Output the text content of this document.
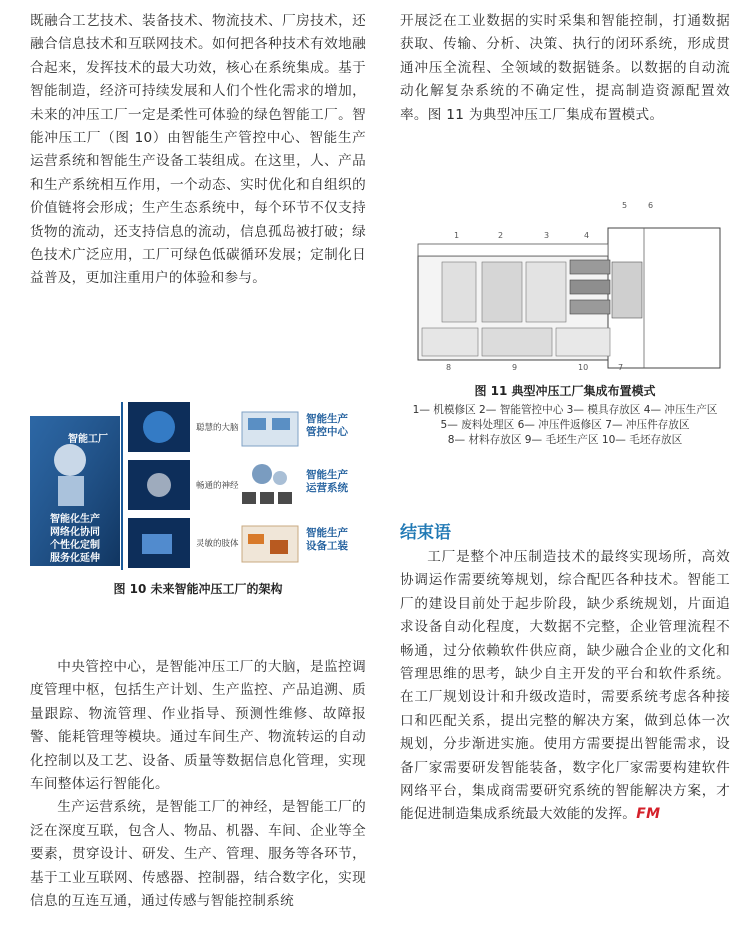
既融合工艺技术、装备技术、物流技术、厂房技术，还融合信息技术和互联网技术。如何把各种技术有效地融合起来，发挥技术的最大功效，核心在系统集成。基于智能制造，经济可持续发展和人们个性化需求的增加，未来的冲压工厂一定是柔性可体验的绿色智能工厂。智能冲压工厂（图 10）由智能生产管控中心、智能生产运营系统和智能生产设备工装组成。在这里，人、产品和生产系统相互作用，一个动态、实时优化和自组织的价值链将会形成；生产生态系统中，每个环节不仅支持货物的流动，还支持信息的流动，信息孤岛被打破；绿色技术广泛应用，工厂可绿色低碳循环发展；定制化日益普及，更加注重用户的体验和参与。

智能工厂
智能化生产
网络化协同
个性化定制
服务化延伸
聪慧的大脑
智能生产
管控中心
畅通的神经
智能生产
运营系统
灵敏的肢体
智能生产
设备工装

图 10 未来智能冲压工厂的架构

中央管控中心，是智能冲压工厂的大脑，是监控调度管理中枢，包括生产计划、生产监控、产品追溯、质量跟踪、物流管理、作业指导、预测性维修、故障报警、能耗管理等模块。通过车间生产、物流转运的自动化控制以及工艺、设备、质量等数据信息化管理，实现车间整体运行智能化。

生产运营系统，是智能工厂的神经，是智能工厂的泛在深度互联，包含人、物品、机器、车间、企业等全要素，贯穿设计、研发、生产、管理、服务等各环节，基于工业互联网、传感器、控制器，结合数字化，实现信息的互连互通，通过传感与智能控制系统

开展泛在工业数据的实时采集和智能控制，打通数据获取、传输、分析、决策、执行的闭环系统，形成贯通冲压全流程、全领域的数据链条。以数据的自动流动化解复杂系统的不确定性，提高制造资源配置效率。图 11 为典型冲压工厂集成布置模式。

1	2	3	4
5	6
8	9	10	7

图 11 典型冲压工厂集成布置模式

1— 机模修区 2— 智能管控中心 3— 模具存放区 4— 冲压生产区

5— 废料处理区 6— 冲压件返修区 7— 冲压件存放区

8— 材料存放区 9— 毛坯生产区 10— 毛坯存放区

结束语

工厂是整个冲压制造技术的最终实现场所，高效协调运作需要统筹规划，综合配匹各种技术。智能工厂的建设目前处于起步阶段，缺少系统规划，片面追求设备自动化程度，大数据不完整，企业管理流程不畅通，过分依赖软件供应商，缺少融合企业的文化和管理思维的思考，缺少自主开发的平台和软件系统。在工厂规划设计和升级改造时，需要系统考虑各种接口和匹配关系，提出完整的解决方案，做到总体一次规划，分步渐进实施。使用方需要提出智能需求，设备厂家需要研发智能装备，数字化厂家需要构建软件网络平台，集成商需要研究系统的智能解决方案，才能促进制造集成系统最大效能的发挥。FM
